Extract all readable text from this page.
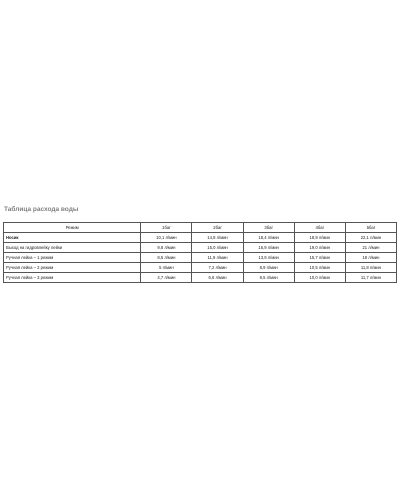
Таблица расхода воды
Режим	1бar	2бar	3бar	4бar	5бar
Носик	10,1 л/мин	14,8 л/мин	18,4 л/мин	18,9 л/мин	22,1 л/мин
Выход на гидровлейку лейки	9,8 л/мин	15,0 л/мин	16,9 л/мин	19,0 л/мин	21 л/мин
Ручная лейка – 1 режим	8,5 л/мин	11,9 л/мин	13,9 л/мин	15,7 л/мин	18 л/мин
Ручная лейка – 2 режим	5 л/мин	7,2 л/мин	8,9 л/мин	10,5 л/мин	11,8 л/мин
Ручная лейка – 3 режим	4,7 л/мин	6,6 л/мин	8,5 л/мин	10,0 л/мин	11,7 л/мин
